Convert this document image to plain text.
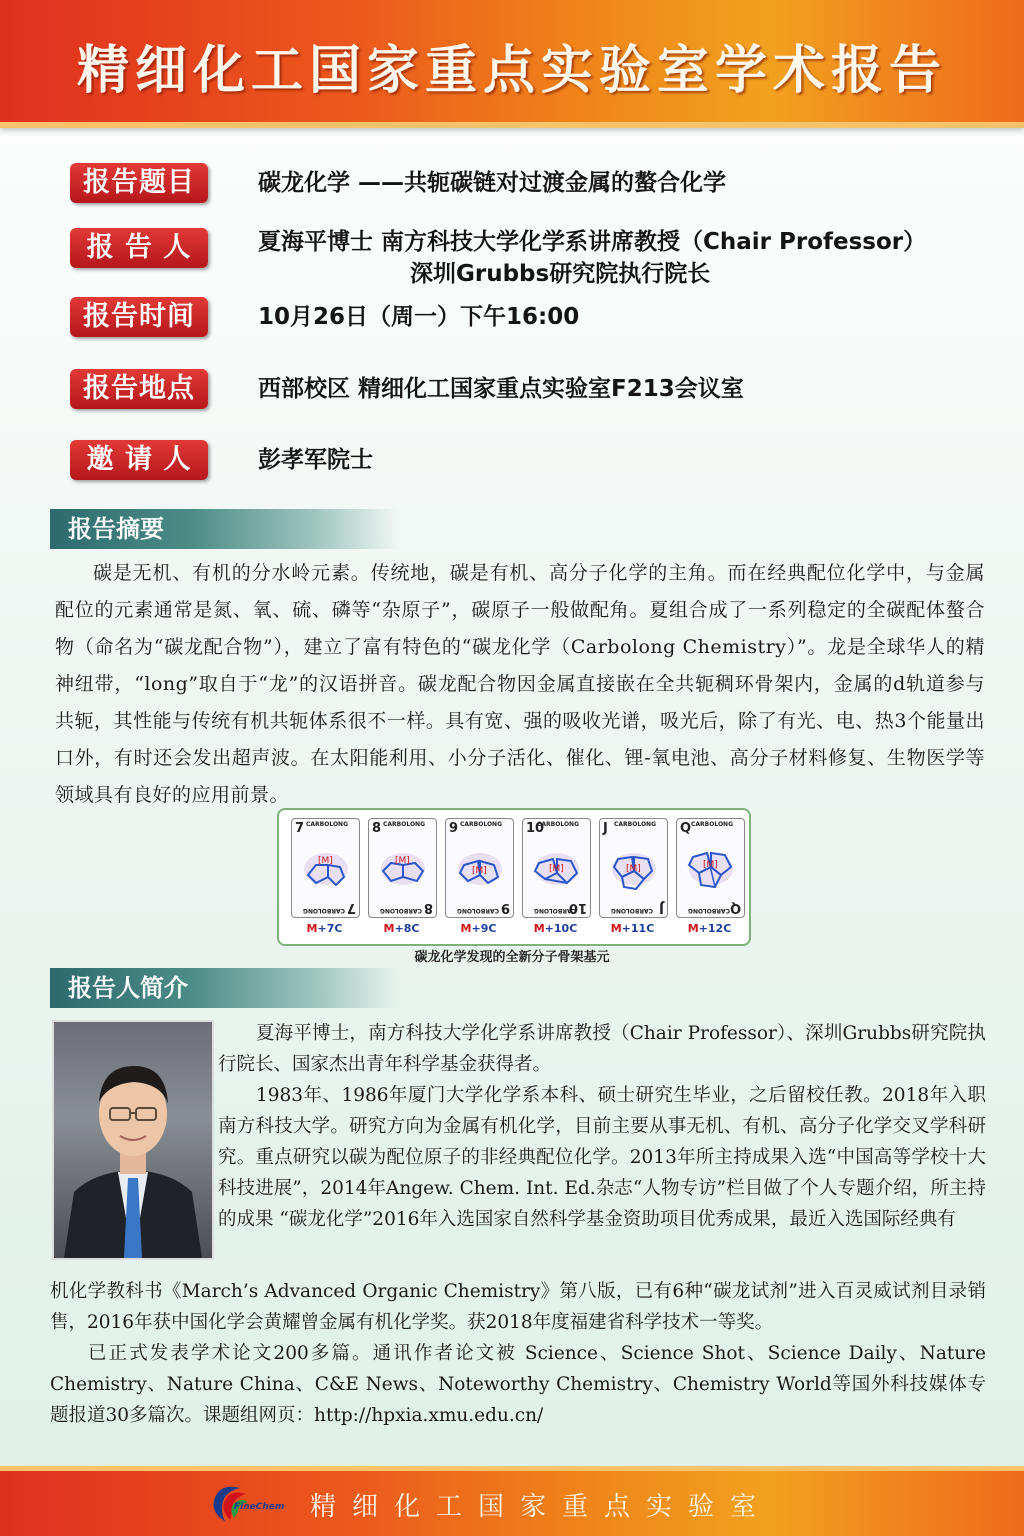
精细化工国家重点实验室学术报告
报告题目	碳龙化学 ——共轭碳链对过渡金属的螯合化学
报 告 人	夏海平博士 南方科技大学化学系讲席教授（Chair Professor）
深圳Grubbs研究院执行院长
报告时间	10月26日（周一）下午16:00
报告地点	西部校区 精细化工国家重点实验室F213会议室
邀 请 人	彭孝军院士
报告摘要
碳是无机、有机的分水岭元素。传统地，碳是有机、高分子化学的主角。而在经典配位化学中，与金属配位的元素通常是氮、氧、硫、磷等“杂原子”，碳原子一般做配角。夏组合成了一系列稳定的全碳配体螯合物（命名为“碳龙配合物”），建立了富有特色的“碳龙化学（Carbolong Chemistry）”。龙是全球华人的精神纽带，“long”取自于“龙”的汉语拼音。碳龙配合物因金属直接嵌在全共轭稠环骨架内，金属的d轨道参与共轭，其性能与传统有机共轭体系很不一样。具有宽、强的吸收光谱，吸光后，除了有光、电、热3个能量出口外，有时还会发出超声波。在太阳能利用、小分子活化、催化、锂-氧电池、高分子材料修复、生物医学等领域具有良好的应用前景。
7 CARBOLONG
[M]
CARBOLONG 7
M+7C
8 CARBOLONG
[M]
CARBOLONG 8
M+8C
9 CARBOLONG
[M]
CARBOLONG 9
M+9C
10
CARBOLONG
[M]
CARBOLONG
10
M+10C
J CARBOLONG
[M]
CARBOLONG J
M+11C
Q CARBOLONG
[M]
CARBOLONG Q
M+12C
碳龙化学发现的全新分子骨架基元
报告人简介

夏海平博士，南方科技大学化学系讲席教授（Chair Professor）、深圳Grubbs研究院执行院长、国家杰出青年科学基金获得者。

1983年、1986年厦门大学化学系本科、硕士研究生毕业，之后留校任教。2018年入职南方科技大学。研究方向为金属有机化学，目前主要从事无机、有机、高分子化学交叉学科研究。重点研究以碳为配位原子的非经典配位化学。2013年所主持成果入选“中国高等学校十大科技进展”，2014年Angew. Chem. Int. Ed.杂志“人物专访”栏目做了个人专题介绍，所主持的成果 “碳龙化学”2016年入选国家自然科学基金资助项目优秀成果，最近入选国际经典有

机化学教科书《March’s Advanced Organic Chemistry》第八版，已有6种“碳龙试剂”进入百灵威试剂目录销售，2016年获中国化学会黄耀曾金属有机化学奖。获2018年度福建省科学技术一等奖。

已正式发表学术论文200多篇。通讯作者论文被 Science、Science Shot、Science Daily、Nature Chemistry、Nature China、C&E News、Noteworthy Chemistry、Chemistry World等国外科技媒体专题报道30多篇次。课题组网页：http://hpxia.xmu.edu.cn/

FineChem 精细化工国家重点实验室
